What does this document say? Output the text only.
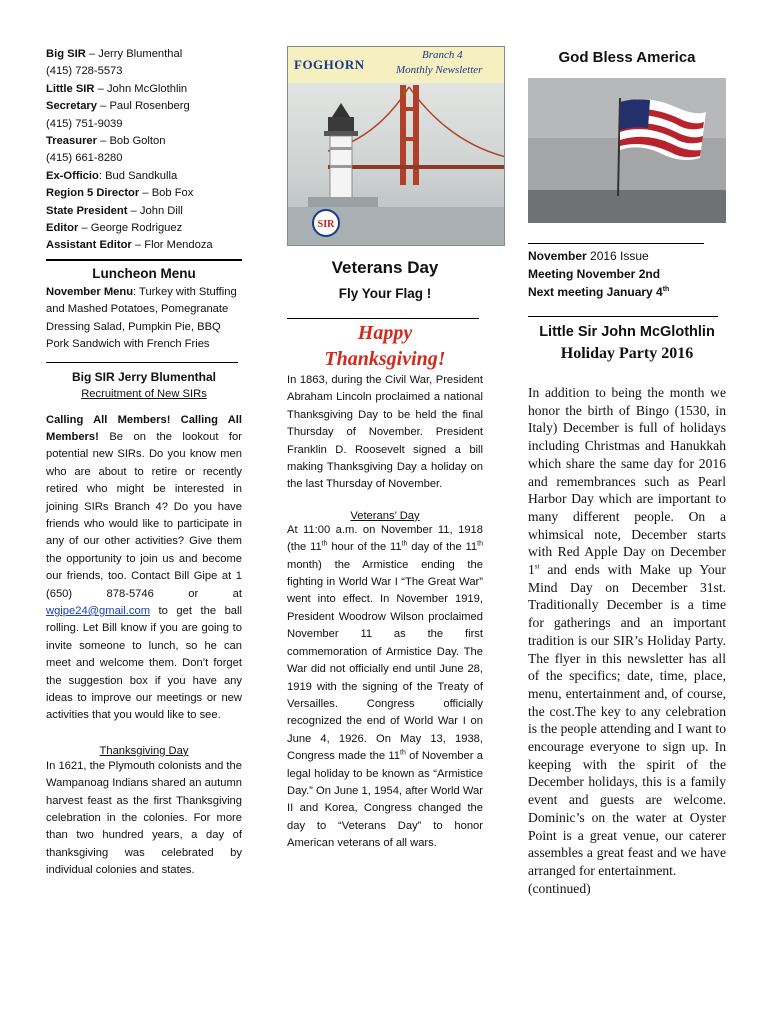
Big SIR – Jerry Blumenthal
(415) 728-5573
Little SIR – John McGlothlin
Secretary – Paul Rosenberg
(415) 751-9039
Treasurer – Bob Golton
(415) 661-8280
Ex-Officio: Bud Sandkulla
Region 5 Director – Bob Fox
State President – John Dill
Editor – George Rodriguez
Assistant Editor – Flor Mendoza
Luncheon Menu

November Menu: Turkey with Stuffing and Mashed Potatoes, Pomegranate Dressing Salad, Pumpkin Pie, BBQ Pork Sandwich with French Fries

Big SIR Jerry Blumenthal
Recruitment of New SIRs

Calling All Members! Calling All Members! Be on the lookout for potential new SIRs. Do you know men who are about to retire or recently retired who might be interested in joining SIRs Branch 4? Do you have friends who would like to participate in any of our other activities? Give them the opportunity to join us and become our friends, too. Contact Bill Gipe at 1 (650) 878-5746 or at wgipe24@gmail.com to get the ball rolling. Let Bill know if you are going to invite someone to lunch, so he can meet and welcome them. Don’t forget the suggestion box if you have any ideas to improve our meetings or new activities that you would like to see.

Thanksgiving Day

In 1621, the Plymouth colonists and the Wampanoag Indians shared an autumn harvest feast as the first Thanksgiving celebration in the colonies. For more than two hundred years, a day of thanksgiving was celebrated by individual colonies and states.

SIR
FOGHORN
Branch 4
Monthly Newsletter
4
Veterans Day
Fly Your Flag !
Happy
Thanksgiving!

In 1863, during the Civil War, President Abraham Lincoln proclaimed a national Thanksgiving Day to be held the final Thursday of November. President Franklin D. Roosevelt signed a bill making Thanksgiving Day a holiday on the last Thursday of November.

Veterans’ Day

At 11:00 a.m. on November 11, 1918 (the 11th hour of the 11th day of the 11th month) the Armistice ending the fighting in World War I “The Great War” went into effect. In November 1919, President Woodrow Wilson proclaimed November 11 as the first commemoration of Armistice Day. The War did not officially end until June 28, 1919 with the signing of the Treaty of Versailles. Congress officially recognized the end of World War I on June 4, 1926. On May 13, 1938, Congress made the 11th of November a legal holiday to be known as “Armistice Day.” On June 1, 1954, after World War II and Korea, Congress changed the day to “Veterans Day” to honor American veterans of all wars.

God Bless America
November 2016 Issue
Meeting November 2nd
Next meeting January 4th
Little Sir John McGlothlin
Holiday Party 2016

In addition to being the month we honor the birth of Bingo (1530, in Italy) December is full of holidays including Christmas and Hanukkah which share the same day for 2016 and remembrances such as Pearl Harbor Day which are important to many different people. On a whimsical note, December starts with Red Apple Day on December 1st and ends with Make up Your Mind Day on December 31st. Traditionally December is a time for gatherings and an important tradition is our SIR’s Holiday Party. The flyer in this newsletter has all of the specifics; date, time, place, menu, entertainment and, of course, the cost.The key to any celebration is the people attending and I want to encourage everyone to sign up. In keeping with the spirit of the December holidays, this is a family event and guests are welcome. Dominic’s on the water at Oyster Point is a great venue, our caterer assembles a great feast and we have arranged for entertainment.
(continued)
